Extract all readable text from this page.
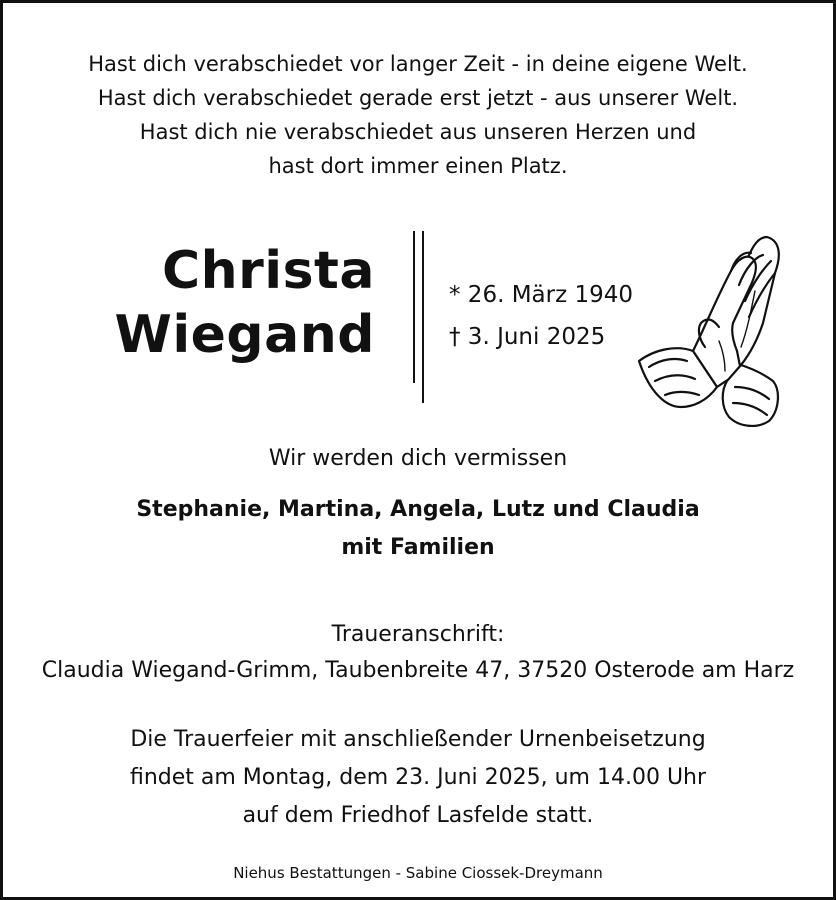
Hast dich verabschiedet vor langer Zeit - in deine eigene Welt.
Hast dich verabschiedet gerade erst jetzt - aus unserer Welt.
Hast dich nie verabschiedet aus unseren Herzen und
hast dort immer einen Platz.
Christa
Wiegand
* 26. März 1940
† 3. Juni 2025
Wir werden dich vermissen
Stephanie, Martina, Angela, Lutz und Claudia
mit Familien
Traueranschrift:
Claudia Wiegand-Grimm, Taubenbreite 47, 37520 Osterode am Harz
Die Trauerfeier mit anschließender Urnenbeisetzung
findet am Montag, dem 23. Juni 2025, um 14.00 Uhr
auf dem Friedhof Lasfelde statt.
Niehus Bestattungen - Sabine Ciossek-Dreymann
